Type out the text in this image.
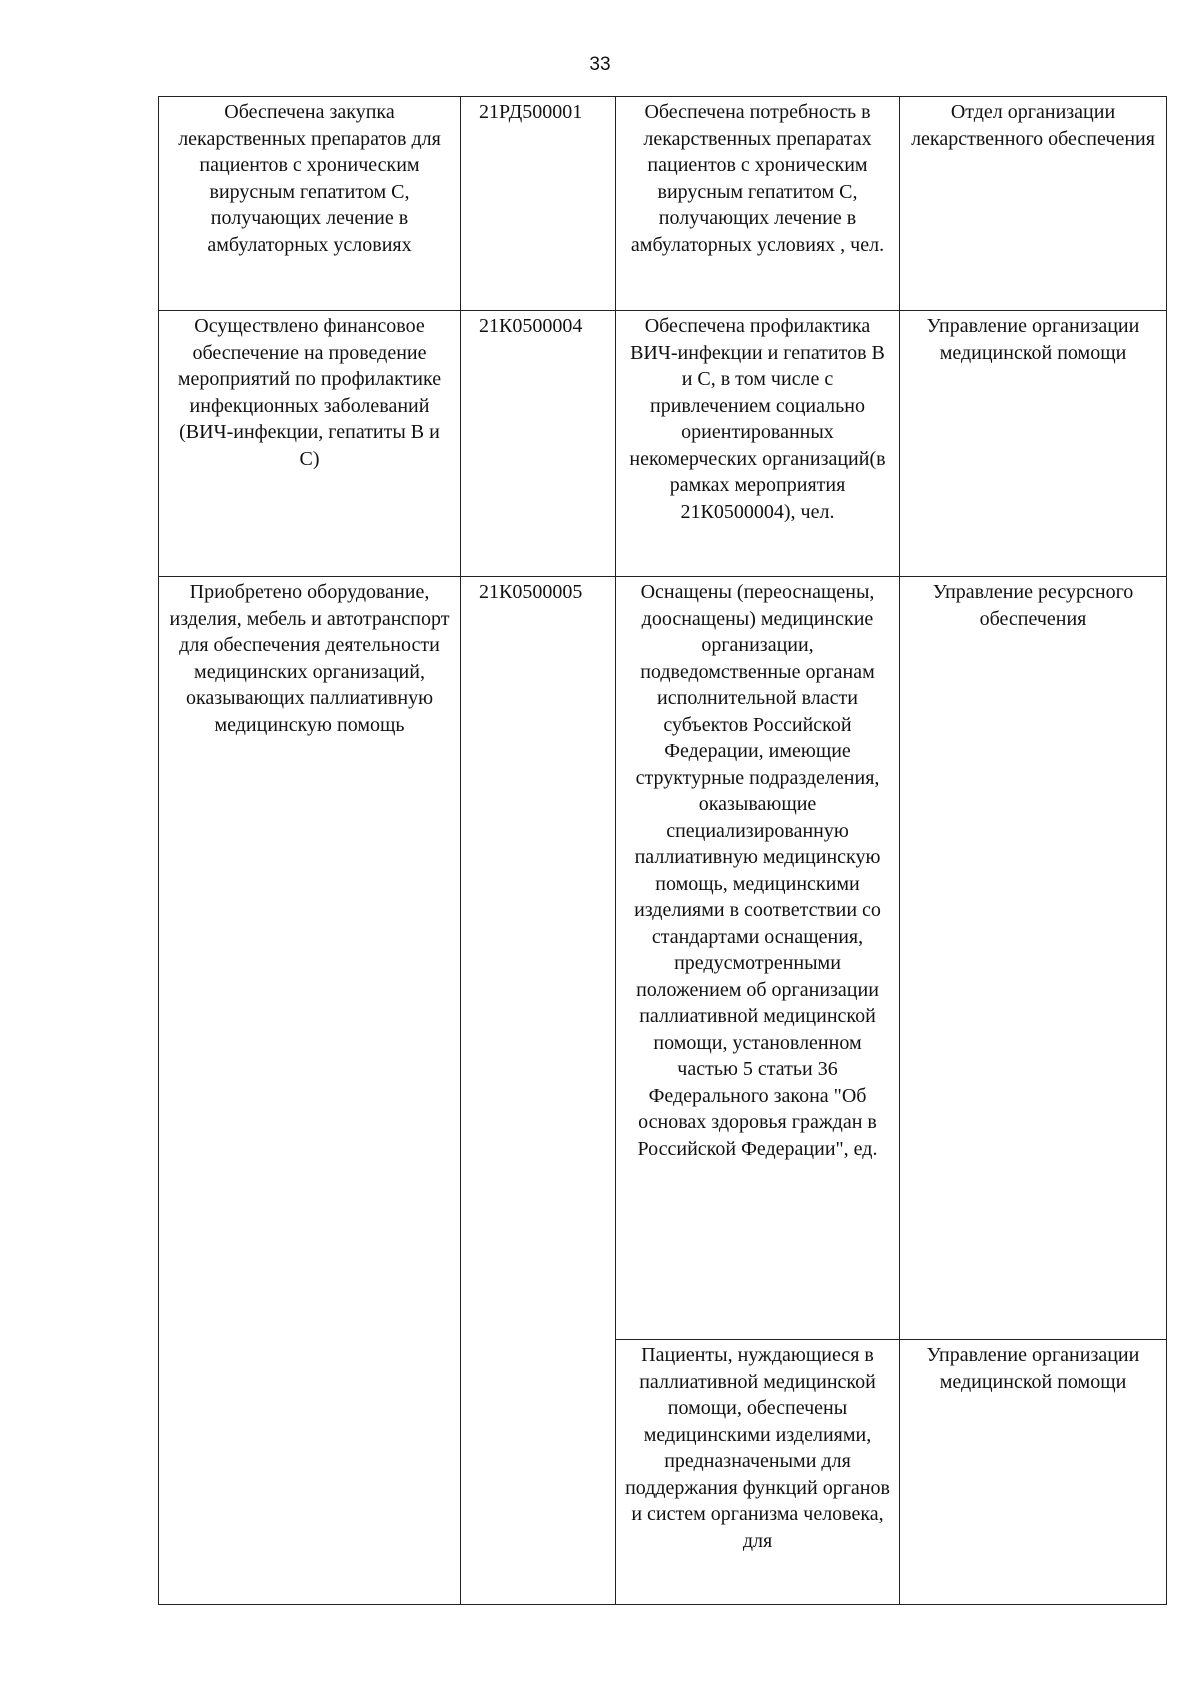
33
Обеспечена закупка лекарственных препаратов для пациентов с хроническим вирусным гепатитом С, получающих лечение в амбулаторных условиях	21РД500001	Обеспечена потребность в лекарственных препаратах пациентов с хроническим вирусным гепатитом С, получающих лечение в амбулаторных условиях , чел.	Отдел организации лекарственного обеспечения
Осуществлено финансовое обеспечение на проведение мероприятий по профилактике инфекционных заболеваний (ВИЧ-инфекции, гепатиты В и С)	21К0500004	Обеспечена профилактика ВИЧ-инфекции и гепатитов В и С, в том числе с привлечением социально ориентированных некомерческих организаций(в рамках мероприятия 21К0500004), чел.	Управление организации медицинской помощи
Приобретено оборудование, изделия, мебель и автотранспорт для обеспечения деятельности медицинских организаций, оказывающих паллиативную медицинскую помощь	21К0500005	Оснащены (переоснащены, дооснащены) медицинские организации, подведомственные органам исполнительной власти субъектов Российской Федерации, имеющие структурные подразделения, оказывающие специализированную паллиативную медицинскую помощь, медицинскими изделиями в соответствии со стандартами оснащения, предусмотренными положением об организации паллиативной медицинской помощи, установленном частью 5 статьи 36 Федерального закона "Об основах здоровья граждан в Российской Федерации", ед.	Управление ресурсного обеспечения
		Пациенты, нуждающиеся в паллиативной медицинской помощи, обеспечены медицинскими изделиями, предназначеными для поддержания функций органов и систем организма человека, для	Управление организации медицинской помощи
